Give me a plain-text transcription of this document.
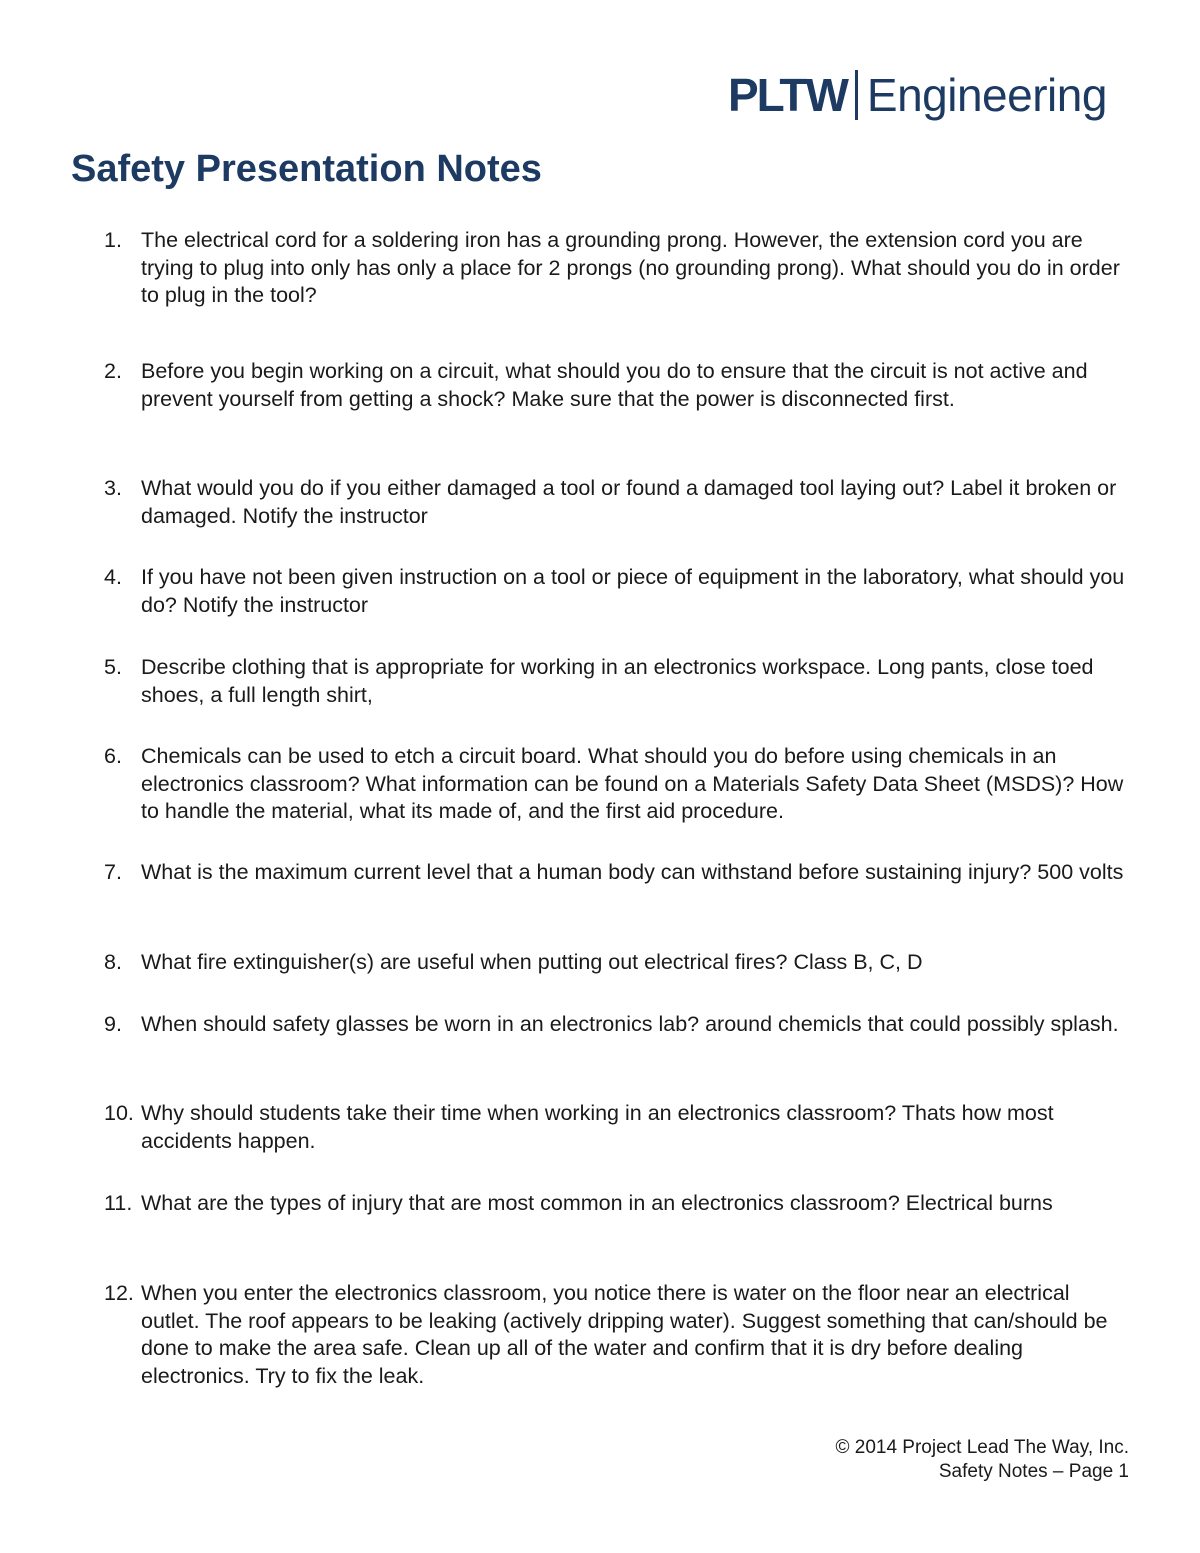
PLTW Engineering
Safety Presentation Notes
1. The electrical cord for a soldering iron has a grounding prong. However, the extension cord you are trying to plug into only has only a place for 2 prongs (no grounding prong). What should you do in order to plug in the tool?
2. Before you begin working on a circuit, what should you do to ensure that the circuit is not active and prevent yourself from getting a shock? Make sure that the power is disconnected first.
3. What would you do if you either damaged a tool or found a damaged tool laying out? Label it broken or damaged. Notify the instructor
4. If you have not been given instruction on a tool or piece of equipment in the laboratory, what should you do? Notify the instructor
5. Describe clothing that is appropriate for working in an electronics workspace. Long pants, close toed shoes, a full length shirt,
6. Chemicals can be used to etch a circuit board. What should you do before using chemicals in an electronics classroom? What information can be found on a Materials Safety Data Sheet (MSDS)? How to handle the material, what its made of, and the first aid procedure.
7. What is the maximum current level that a human body can withstand before sustaining injury? 500 volts
8. What fire extinguisher(s) are useful when putting out electrical fires? Class B, C, D
9. When should safety glasses be worn in an electronics lab? around chemicls that could possibly splash.
10. Why should students take their time when working in an electronics classroom? Thats how most accidents happen.
11. What are the types of injury that are most common in an electronics classroom? Electrical burns
12. When you enter the electronics classroom, you notice there is water on the floor near an electrical outlet. The roof appears to be leaking (actively dripping water). Suggest something that can/should be done to make the area safe. Clean up all of the water and confirm that it is dry before dealing electronics. Try to fix the leak.
© 2014 Project Lead The Way, Inc.
Safety Notes – Page 1
